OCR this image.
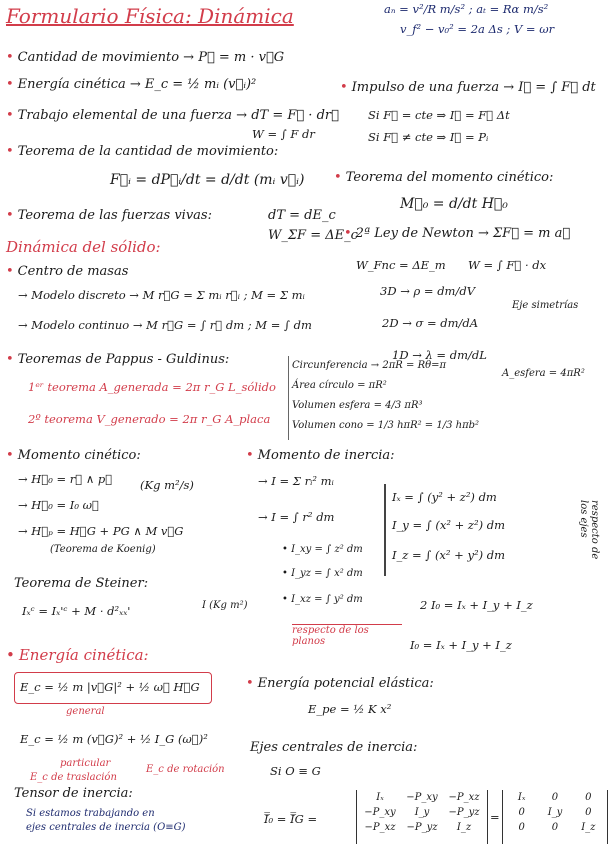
Formulario Física: Dinámica	aₙ = v²/R m/s² ; aₜ = Rα m/s²
v_f² − v₀² = 2a Δs ; V = ωr
• Cantidad de movimiento → P⃗ = m · v⃗G
• Energía cinética → E_c = ½ mᵢ (v⃗ᵢ)²	• Impulso de una fuerza → I⃗ = ∫ F⃗ dt
• Trabajo elemental de una fuerza → dT = F⃗ · dr⃗	Si F⃗ = cte ⇒ I⃗ = F⃗ Δt
Si F⃗ ≠ cte ⇒ I⃗ = Pᵢ
W = ∫ F dr
• Teorema de la cantidad de movimiento:
F⃗ᵢ = dP⃗ᵢ/dt = d/dt (mᵢ v⃗ᵢ)	• Teorema del momento cinético:
M⃗₀ = d/dt H⃗₀
• Teorema de las fuerzas vivas:	dT = dE_c
W_ΣF = ΔE_c
• 2ª Ley de Newton → ΣF⃗ = m a⃗
W_Fnc = ΔE_m W = ∫ F⃗ · dx
Dinámica del sólido:
• Centro de masas
→ Modelo discreto → M r⃗G = Σ mᵢ r⃗ᵢ ; M = Σ mᵢ
→ Modelo continuo → M r⃗G = ∫ r⃗ dm ; M = ∫ dm
3D → ρ = dm/dV
2D → σ = dm/dA
1D → λ = dm/dL
Eje simetrías
• Teoremas de Pappus - Guldinus:
1ᵉʳ teorema A_generada = 2π r_G L_sólido
2º teorema V_generado = 2π r_G A_placa
Circunferencia → 2πR = Rθ=π
Área círculo = πR²
Volumen esfera = 4/3 πR³
Volumen cono = 1/3 hπR² = 1/3 hπb²
A_esfera = 4πR²
• Momento cinético:
→ H⃗₀ = r⃗ ∧ p⃗ (Kg m²/s)
→ H⃗₀ = I₀ ω⃗
→ H⃗ₚ = H⃗G + PG ∧ M v⃗G
(Teorema de Koenig)
• Momento de inercia:
→ I = Σ rᵢ² mᵢ
→ I = ∫ r² dm
Iₓ = ∫ (y² + z²) dm
I_y = ∫ (x² + z²) dm
I_z = ∫ (x² + y²) dm	respecto de los ejes
• I_xy = ∫ z² dm
• I_yz = ∫ x² dm
• I_xz = ∫ y² dm
respecto de los planos
2 I₀ = Iₓ + I_y + I_z
I₀ = Iₓ + I_y + I_z
Teorema de Steiner:
Iₓᶜ = Iₓ'ᶜ + M · d²ₓₓ'	I (Kg m²)
• Energía cinética:
E_c = ½ m |v⃗G|² + ½ ω⃗ H⃗G
general
E_c = ½ m (v⃗G)² + ½ I_G (ω⃗)²
particular
E_c de traslación
E_c de rotación
• Energía potencial elástica:
E_pe = ½ K x²
Ejes centrales de inercia:
Si O ≡ G
Tensor de inercia:
Si estamos trabajando en
ejes centrales de inercia (O≡G)
I̿₀ = I̿G =
Iₓ	−P_xy	−P_xz
−P_xy	I_y	−P_yz
−P_xz	−P_yz	I_z
=
Iₓ	0	0
0	I_y	0
0	0	I_z
